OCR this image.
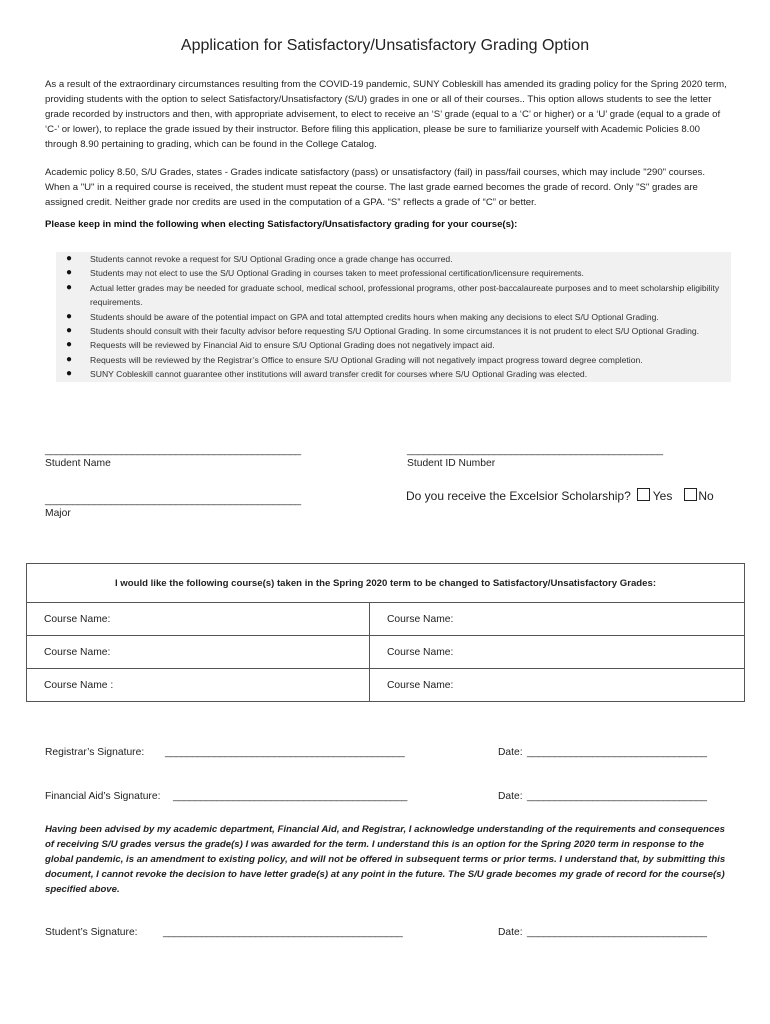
Application for Satisfactory/Unsatisfactory Grading Option

As a result of the extraordinary circumstances resulting from the COVID-19 pandemic, SUNY Cobleskill has amended its grading policy for the Spring 2020 term, providing students with the option to select Satisfactory/Unsatisfactory (S/U) grades in one or all of their courses.. This option allows students to see the letter grade recorded by instructors and then, with appropriate advisement, to elect to receive an ‘S’ grade (equal to a ‘C’ or higher) or a ‘U’ grade (equal to a grade of ‘C-’ or lower), to replace the grade issued by their instructor. Before filing this application, please be sure to familiarize yourself with Academic Policies 8.00 through 8.90 pertaining to grading, which can be found in the College Catalog.

Academic policy 8.50, S/U Grades, states - Grades indicate satisfactory (pass) or unsatisfactory (fail) in pass/fail courses, which may include "290" courses. When a "U" in a required course is received, the student must repeat the course. The last grade earned becomes the grade of record. Only "S" grades are assigned credit. Neither grade nor credits are used in the computation of a GPA. “S” reflects a grade of “C” or better.

Please keep in mind the following when electing Satisfactory/Unsatisfactory grading for your course(s):
● Students cannot revoke a request for S/U Optional Grading once a grade change has occurred.
● Students may not elect to use the S/U Optional Grading in courses taken to meet professional certification/licensure requirements.
● Actual letter grades may be needed for graduate school, medical school, professional programs, other post-baccalaureate purposes and to meet scholarship eligibility requirements.
● Students should be aware of the potential impact on GPA and total attempted credits hours when making any decisions to elect S/U Optional Grading.
● Students should consult with their faculty advisor before requesting S/U Optional Grading. In some circumstances it is not prudent to elect S/U Optional Grading.
● Requests will be reviewed by Financial Aid to ensure S/U Optional Grading does not negatively impact aid.
● Requests will be reviewed by the Registrar’s Office to ensure S/U Optional Grading will not negatively impact progress toward degree completion.
● SUNY Cobleskill cannot guarantee other institutions will award transfer credit for courses where S/U Optional Grading was elected.
_______________________________________________
Student Name
_______________________________________________
Student ID Number
_______________________________________________
Major
Do you receive the Excelsior Scholarship? Yes No
I would like the following course(s) taken in the Spring 2020 term to be changed to Satisfactory/Unsatisfactory Grades:	
Course Name:	Course Name:
Course Name:	Course Name:
Course Name :	Course Name:
Registrar’s Signature: ____________________________________________	Date: _________________________________
Financial Aid’s Signature: ___________________________________________	Date: _________________________________

Having been advised by my academic department, Financial Aid, and Registrar, I acknowledge understanding of the requirements and consequences of receiving S/U grades versus the grade(s) I was awarded for the term. I understand this is an option for the Spring 2020 term in response to the global pandemic, is an amendment to existing policy, and will not be offered in subsequent terms or prior terms. I understand that, by submitting this document, I cannot revoke the decision to have letter grade(s) at any point in the future. The S/U grade becomes my grade of record for the course(s) specified above.

Student’s Signature: ____________________________________________	Date: _________________________________
